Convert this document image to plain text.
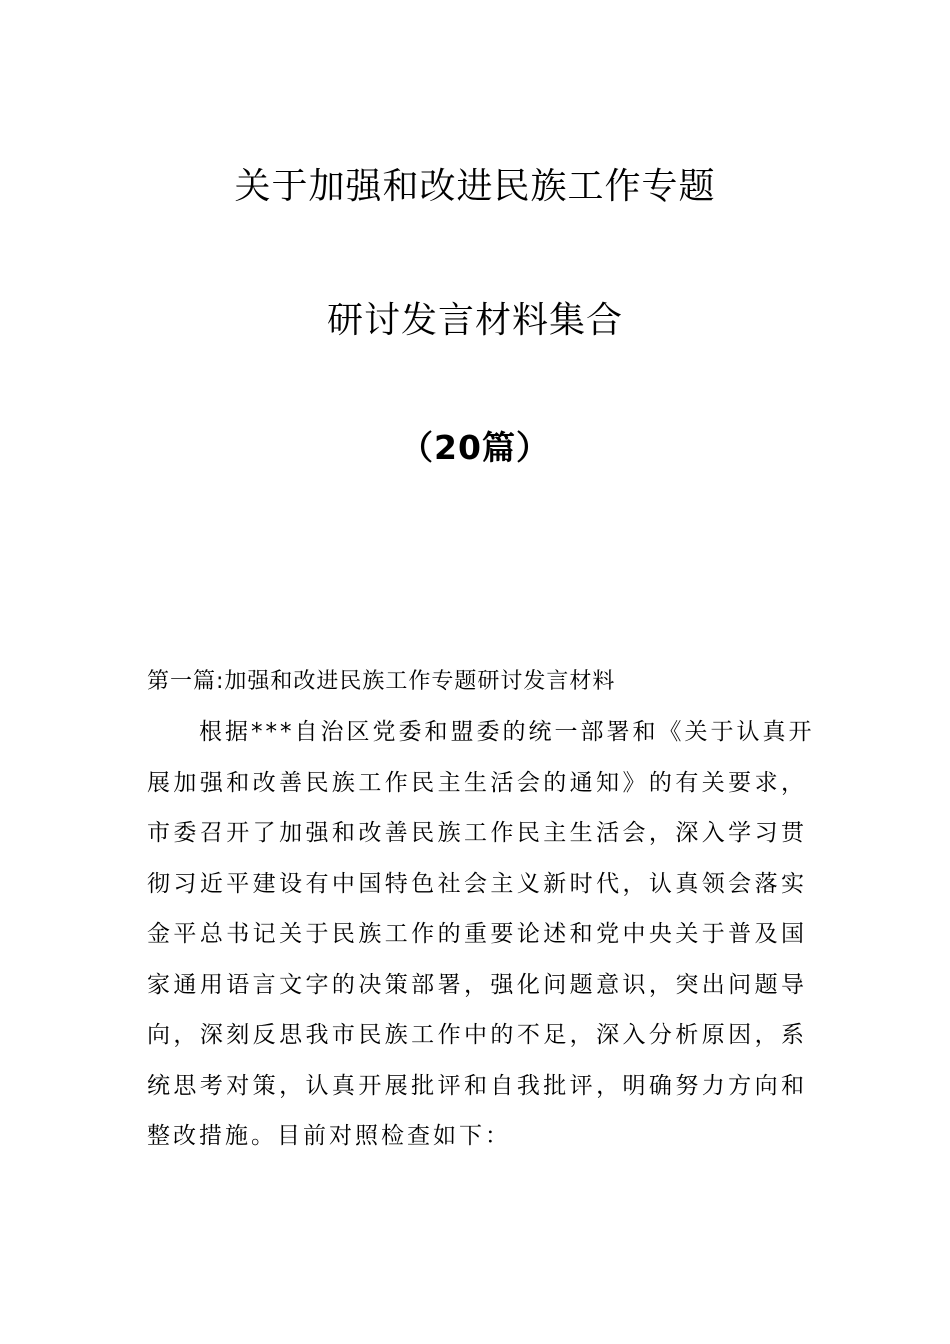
关于加强和改进民族工作专题
研讨发言材料集合
（20篇）
第一篇:加强和改进民族工作专题研讨发言材料
根据***自治区党委和盟委的统一部署和《关于认真开
展加强和改善民族工作民主生活会的通知》的有关要求，
市委召开了加强和改善民族工作民主生活会，深入学习贯
彻习近平建设有中国特色社会主义新时代，认真领会落实
金平总书记关于民族工作的重要论述和党中央关于普及国
家通用语言文字的决策部署，强化问题意识，突出问题导
向，深刻反思我市民族工作中的不足，深入分析原因，系
统思考对策，认真开展批评和自我批评，明确努力方向和
整改措施。目前对照检查如下：
